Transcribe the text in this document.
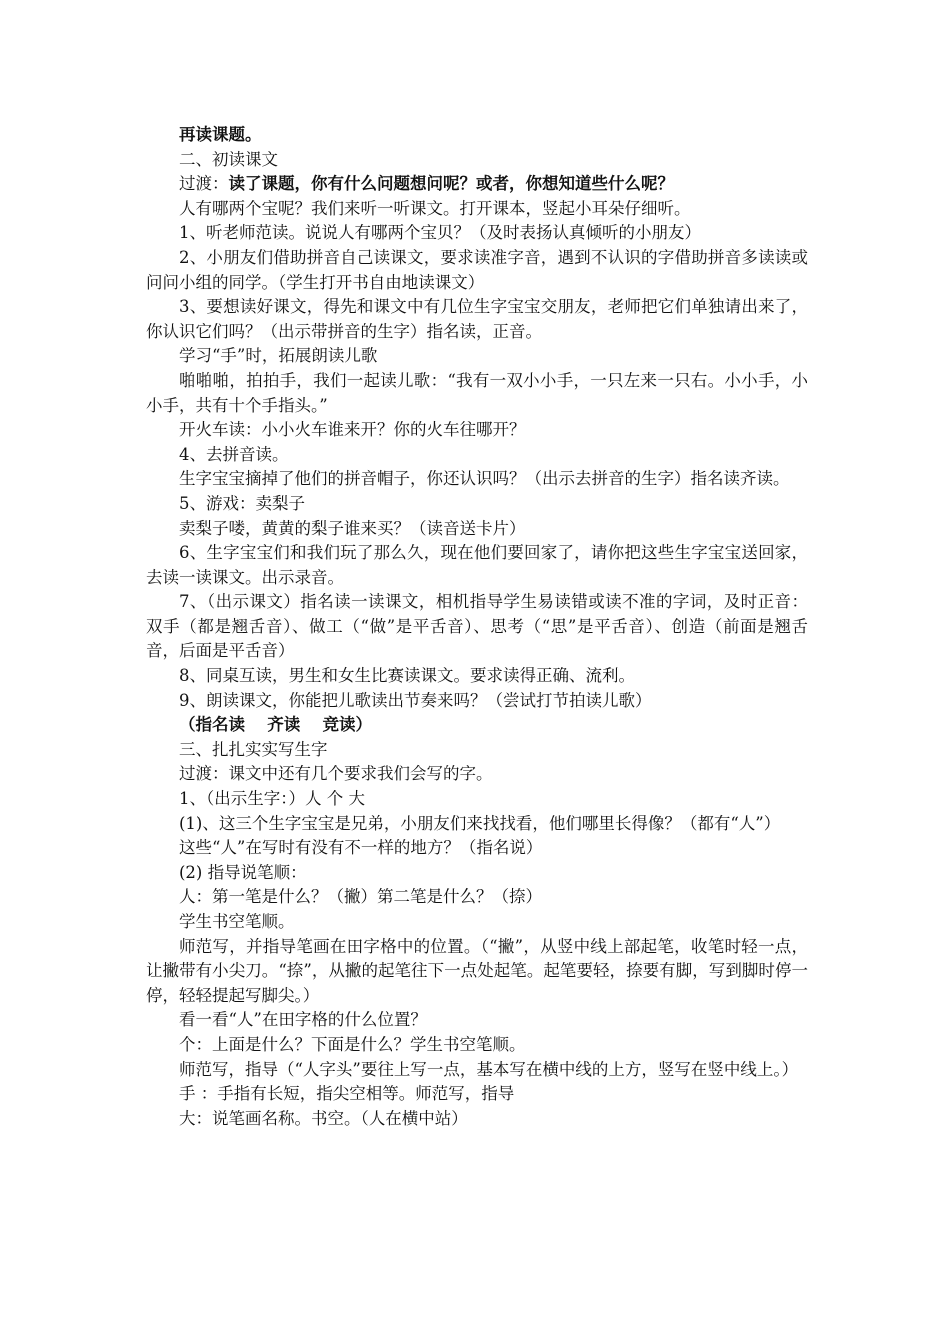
再读课题。

二、初读课文

过渡：读了课题，你有什么问题想问呢？或者，你想知道些什么呢？

人有哪两个宝呢？我们来听一听课文。打开课本，竖起小耳朵仔细听。

1、听老师范读。说说人有哪两个宝贝？（及时表扬认真倾听的小朋友）

2、小朋友们借助拼音自己读课文，要求读准字音，遇到不认识的字借助拼音多读读或问问小组的同学。（学生打开书自由地读课文）

3、要想读好课文，得先和课文中有几位生字宝宝交朋友，老师把它们单独请出来了，你认识它们吗？（出示带拼音的生字）指名读，正音。

学习“手”时，拓展朗读儿歌

啪啪啪，拍拍手，我们一起读儿歌：“我有一双小小手，一只左来一只右。小小手，小小手，共有十个手指头。”

开火车读：小小火车谁来开？你的火车往哪开？

4、去拼音读。

生字宝宝摘掉了他们的拼音帽子，你还认识吗？（出示去拼音的生字）指名读齐读。

5、游戏：卖梨子

卖梨子喽，黄黄的梨子谁来买？（读音送卡片）

6、生字宝宝们和我们玩了那么久，现在他们要回家了，请你把这些生字宝宝送回家，去读一读课文。出示录音。

7、（出示课文）指名读一读课文，相机指导学生易读错或读不准的字词，及时正音：双手（都是翘舌音）、做工（“做”是平舌音）、思考（“思”是平舌音）、创造（前面是翘舌音，后面是平舌音）

8、同桌互读，男生和女生比赛读课文。要求读得正确、流利。

9、朗读课文，你能把儿歌读出节奏来吗？（尝试打节拍读儿歌）

（指名读　 齐读 　竞读）

三、扎扎实实写生字

过渡：课文中还有几个要求我们会写的字。

1、（出示生字：）人 个 大

(1)、这三个生字宝宝是兄弟，小朋友们来找找看，他们哪里长得像？（都有“人”）

这些“人”在写时有没有不一样的地方？（指名说）

(2) 指导说笔顺：

人：第一笔是什么？（撇）第二笔是什么？（捺）

学生书空笔顺。

师范写，并指导笔画在田字格中的位置。（“撇”，从竖中线上部起笔，收笔时轻一点，让撇带有小尖刀。“捺”，从撇的起笔往下一点处起笔。起笔要轻，捺要有脚，写到脚时停一停，轻轻提起写脚尖。）

看一看“人”在田字格的什么位置？

个：上面是什么？下面是什么？学生书空笔顺。

师范写，指导（“人字头”要往上写一点，基本写在横中线的上方，竖写在竖中线上。）

手 ：手指有长短，指尖空相等。师范写，指导

大：说笔画名称。书空。（人在横中站）
